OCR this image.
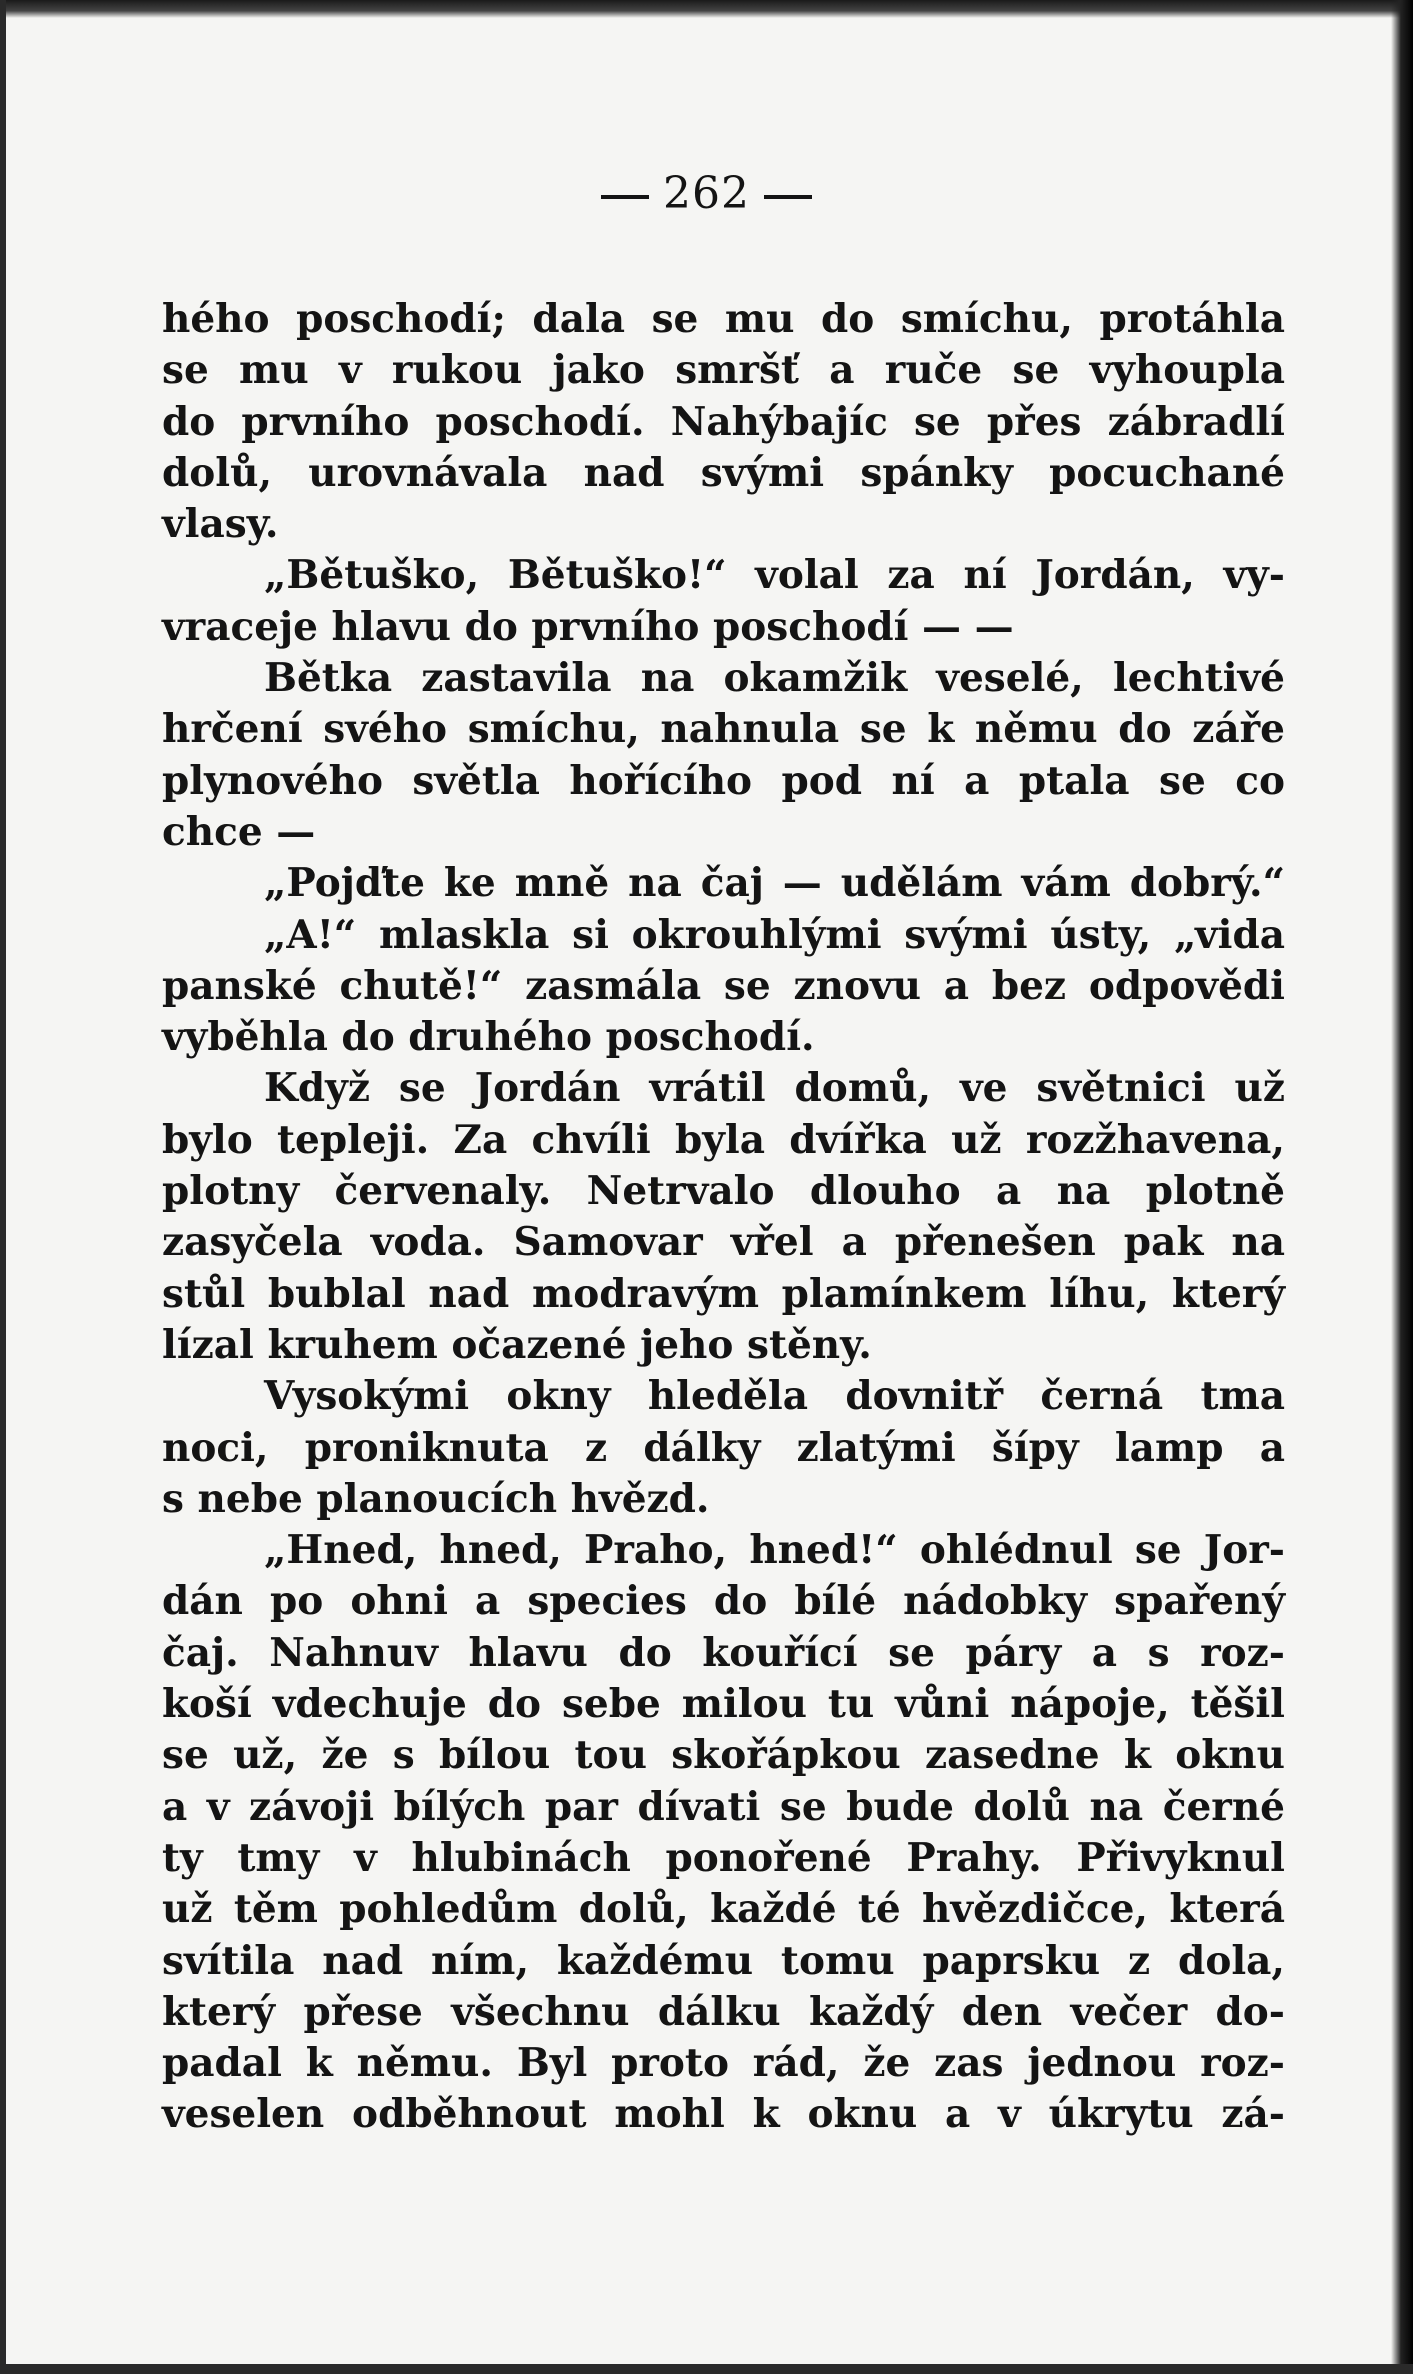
262
hého poschodí; dala se mu do smíchu, protáhla
se mu v rukou jako smršť a ruče se vyhoupla
do prvního poschodí. Nahýbajíc se přes zábradlí
dolů, urovnávala nad svými spánky pocuchané
vlasy.
„Bětuško, Bětuško!“ volal za ní Jordán, vy-
vraceje hlavu do prvního poschodí — —
Bětka zastavila na okamžik veselé, lechtivé
hrčení svého smíchu, nahnula se k němu do záře
plynového světla hořícího pod ní a ptala se co
chce —
„Pojďte ke mně na čaj — udělám vám dobrý.“
„A!“ mlaskla si okrouhlými svými ústy, „vida
panské chutě!“ zasmála se znovu a bez odpovědi
vyběhla do druhého poschodí.
Když se Jordán vrátil domů, ve světnici už
bylo tepleji. Za chvíli byla dvířka už rozžhavena,
plotny červenaly. Netrvalo dlouho a na plotně
zasyčela voda. Samovar vřel a přenešen pak na
stůl bublal nad modravým plamínkem líhu, který
lízal kruhem očazené jeho stěny.
Vysokými okny hleděla dovnitř černá tma
noci, proniknuta z dálky zlatými šípy lamp a
s nebe planoucích hvězd.
„Hned, hned, Praho, hned!“ ohlédnul se Jor-
dán po ohni a species do bílé nádobky spařený
čaj. Nahnuv hlavu do kouřící se páry a s roz-
koší vdechuje do sebe milou tu vůni nápoje, těšil
se už, že s bílou tou skořápkou zasedne k oknu
a v závoji bílých par dívati se bude dolů na černé
ty tmy v hlubinách ponořené Prahy. Přivyknul
už těm pohledům dolů, každé té hvězdičce, která
svítila nad ním, každému tomu paprsku z dola,
který přese všechnu dálku každý den večer do-
padal k němu. Byl proto rád, že zas jednou roz-
veselen odběhnout mohl k oknu a v úkrytu zá-
